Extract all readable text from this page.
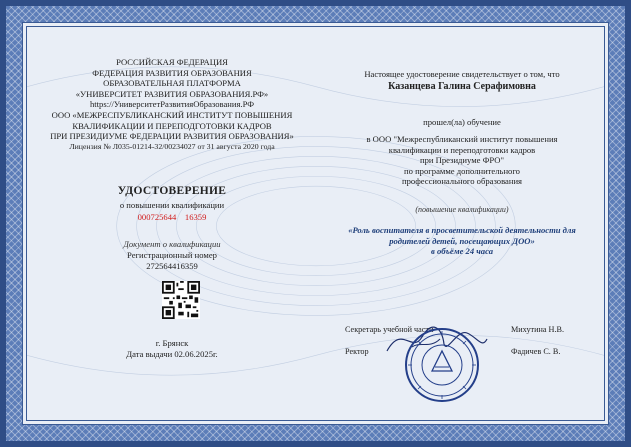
РОССИЙСКАЯ ФЕДЕРАЦИЯ
ФЕДЕРАЦИЯ РАЗВИТИЯ ОБРАЗОВАНИЯ
ОБРАЗОВАТЕЛЬНАЯ ПЛАТФОРМА
«УНИВЕРСИТЕТ РАЗВИТИЯ ОБРАЗОВАНИЯ.РФ»
https://УниверситетРазвитияОбразования.РФ
ООО «МЕЖРЕСПУБЛИКАНСКИЙ ИНСТИТУТ ПОВЫШЕНИЯ
КВАЛИФИКАЦИИ И ПЕРЕПОДГОТОВКИ КАДРОВ
ПРИ ПРЕЗИДИУМЕ ФЕДЕРАЦИИ РАЗВИТИЯ ОБРАЗОВАНИЯ»
Лицензия № Л035-01214-32/00234027 от 31 августа 2020 года
УДОСТОВЕРЕНИЕ
о повышении квалификации
000725644 16359
Документ о квалификации
Регистрационный номер
272564416359
г. Брянск
Дата выдачи 02.06.2025г.
Настоящее удостоверение свидетельствует о том, что
Казанцева Галина Серафимовна
прошел(ла) обучение
в ООО "Межреспубликанский институт повышения
квалификации и переподготовки кадров
при Президиуме ФРО"
по программе дополнительного
профессионального образования
(повышение квалификации)
«Роль воспитателя в просветительской деятельности для
родителей детей, посещающих ДОО»
в объёме 24 часа
Секретарь учебной части	Михутина Н.В.
Ректор	Фадичев С. В.
